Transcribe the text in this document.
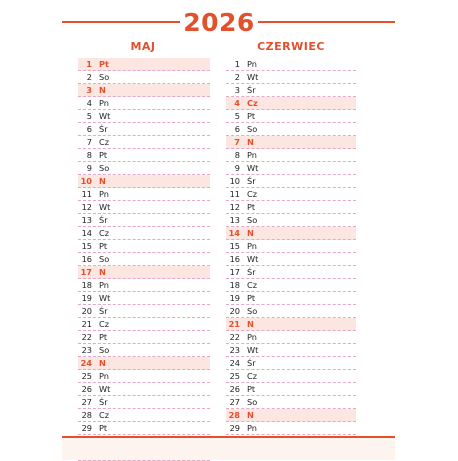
2026
MAJ	CZERWIEC
1 Pt
2 So
3 N
4 Pn
5 Wt
6 Śr
7 Cz
8 Pt
9 So
10 N
11 Pn
12 Wt
13 Śr
14 Cz
15 Pt
16 So
17 N
18 Pn
19 Wt
20 Śr
21 Cz
22 Pt
23 So
24 N
25 Pn
26 Wt
27 Śr
28 Cz
29 Pt
1 Pn
2 Wt
3 Śr
4 Cz
5 Pt
6 So
7 N
8 Pn
9 Wt
10 Śr
11 Cz
12 Pt
13 So
14 N
15 Pn
16 Wt
17 Śr
18 Cz
19 Pt
20 So
21 N
22 Pn
23 Wt
24 Śr
25 Cz
26 Pt
27 So
28 N
29 Pn
